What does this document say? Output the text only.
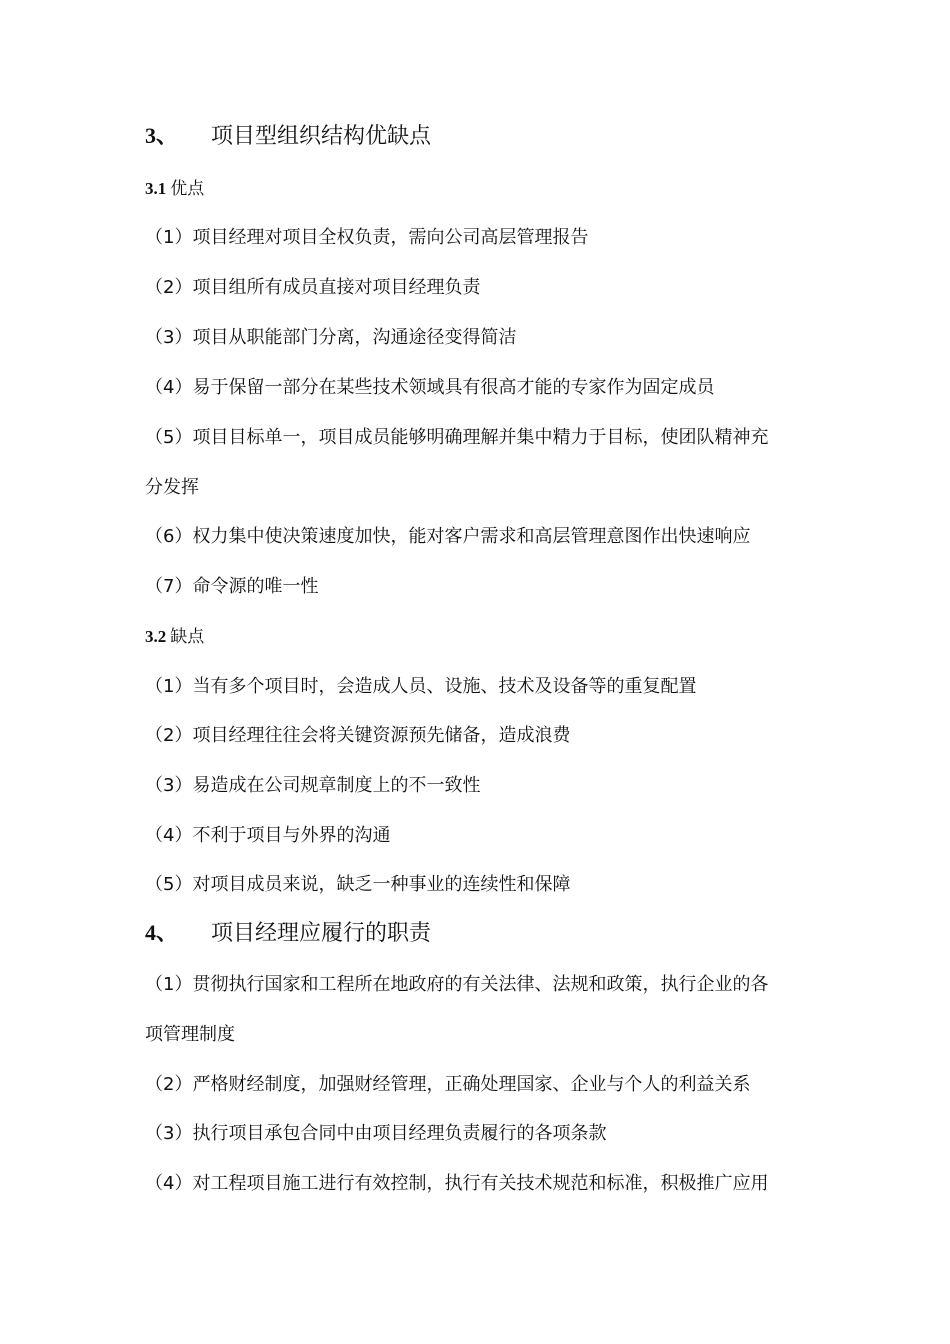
3、 项目型组织结构优缺点
3.1 优点
（1）项目经理对项目全权负责，需向公司高层管理报告
（2）项目组所有成员直接对项目经理负责
（3）项目从职能部门分离，沟通途径变得简洁
（4）易于保留一部分在某些技术领域具有很高才能的专家作为固定成员
（5）项目目标单一，项目成员能够明确理解并集中精力于目标，使团队精神充
分发挥
（6）权力集中使决策速度加快，能对客户需求和高层管理意图作出快速响应
（7）命令源的唯一性
3.2 缺点
（1）当有多个项目时，会造成人员、设施、技术及设备等的重复配置
（2）项目经理往往会将关键资源预先储备，造成浪费
（3）易造成在公司规章制度上的不一致性
（4）不利于项目与外界的沟通
（5）对项目成员来说，缺乏一种事业的连续性和保障
4、 项目经理应履行的职责
（1）贯彻执行国家和工程所在地政府的有关法律、法规和政策，执行企业的各
项管理制度
（2）严格财经制度，加强财经管理，正确处理国家、企业与个人的利益关系
（3）执行项目承包合同中由项目经理负责履行的各项条款
（4）对工程项目施工进行有效控制，执行有关技术规范和标准，积极推广应用
